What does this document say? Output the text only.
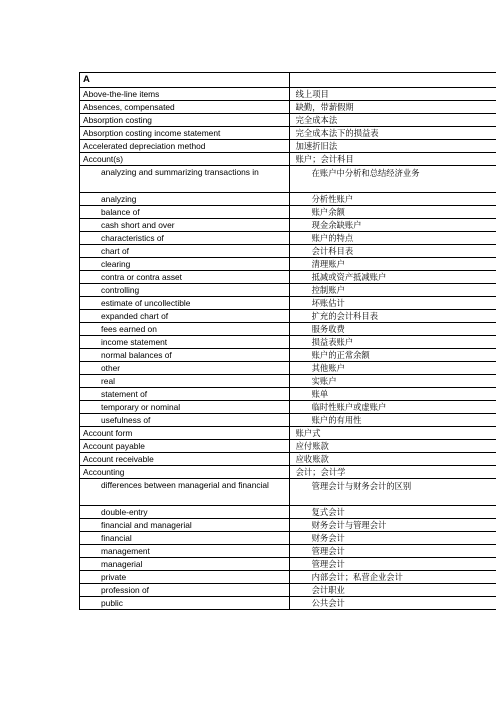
A	
Above-the-line items	线上项目
Absences, compensated	缺勤，带薪假期
Absorption costing	完全成本法
Absorption costing income statement	完全成本法下的损益表
Accelerated depreciation method	加速折旧法
Account(s)	账户；会计科目
analyzing and summarizing transactions in	在账户中分析和总结经济业务
analyzing	分析性账户
balance of	账户余额
cash short and over	现金余缺账户
characteristics of	账户的特点
chart of	会计科目表
clearing	清理账户
contra or contra asset	抵减或资产抵减账户
controlling	控制账户
estimate of uncollectible	坏账估计
expanded chart of	扩充的会计科目表
fees earned on	服务收费
income statement	损益表账户
normal balances of	账户的正常余额
other	其他账户
real	实账户
statement of	账单
temporary or nominal	临时性账户或虚账户
usefulness of	账户的有用性
Account form	账户式
Account payable	应付账款
Account receivable	应收账款
Accounting	会计；会计学
differences between managerial and financial	管理会计与财务会计的区别
double-entry	复式会计
financial and managerial	财务会计与管理会计
financial	财务会计
management	管理会计
managerial	管理会计
private	内部会计；私营企业会计
profession of	会计职业
public	公共会计
